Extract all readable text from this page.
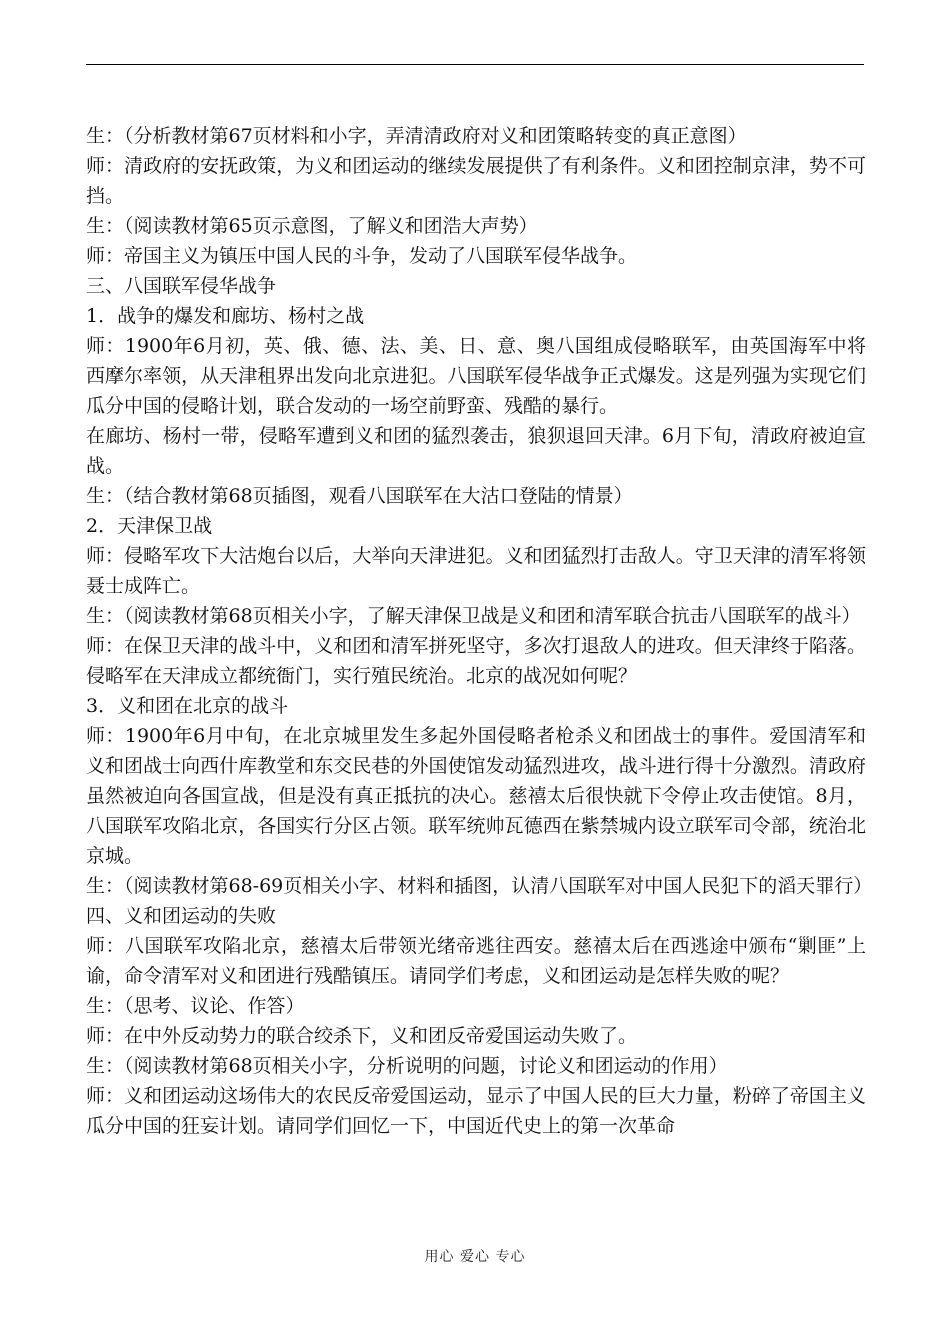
生：（分析教材第67页材料和小字，弄清清政府对义和团策略转变的真正意图）

师：清政府的安抚政策，为义和团运动的继续发展提供了有利条件。义和团控制京津，势不可挡。

生：（阅读教材第65页示意图，了解义和团浩大声势）

师：帝国主义为镇压中国人民的斗争，发动了八国联军侵华战争。

三、八国联军侵华战争

1．战争的爆发和廊坊、杨村之战

师：1900年6月初，英、俄、德、法、美、日、意、奥八国组成侵略联军，由英国海军中将西摩尔率领，从天津租界出发向北京进犯。八国联军侵华战争正式爆发。这是列强为实现它们瓜分中国的侵略计划，联合发动的一场空前野蛮、残酷的暴行。

在廊坊、杨村一带，侵略军遭到义和团的猛烈袭击，狼狈退回天津。6月下旬，清政府被迫宣战。

生：（结合教材第68页插图，观看八国联军在大沽口登陆的情景）

2．天津保卫战

师：侵略军攻下大沽炮台以后，大举向天津进犯。义和团猛烈打击敌人。守卫天津的清军将领聂士成阵亡。

生：（阅读教材第68页相关小字，了解天津保卫战是义和团和清军联合抗击八国联军的战斗）

师：在保卫天津的战斗中，义和团和清军拼死坚守，多次打退敌人的进攻。但天津终于陷落。侵略军在天津成立都统衙门，实行殖民统治。北京的战况如何呢？

3．义和团在北京的战斗

师：1900年6月中旬，在北京城里发生多起外国侵略者枪杀义和团战士的事件。爱国清军和义和团战士向西什库教堂和东交民巷的外国使馆发动猛烈进攻，战斗进行得十分激烈。清政府虽然被迫向各国宣战，但是没有真正抵抗的决心。慈禧太后很快就下令停止攻击使馆。8月，八国联军攻陷北京，各国实行分区占领。联军统帅瓦德西在紫禁城内设立联军司令部，统治北京城。

生：（阅读教材第68-69页相关小字、材料和插图，认清八国联军对中国人民犯下的滔天罪行）

四、义和团运动的失败

师：八国联军攻陷北京，慈禧太后带领光绪帝逃往西安。慈禧太后在西逃途中颁布“剿匪”上谕，命令清军对义和团进行残酷镇压。请同学们考虑，义和团运动是怎样失败的呢？

生：（思考、议论、作答）

师：在中外反动势力的联合绞杀下，义和团反帝爱国运动失败了。

生：（阅读教材第68页相关小字，分析说明的问题，讨论义和团运动的作用）

师：义和团运动这场伟大的农民反帝爱国运动，显示了中国人民的巨大力量，粉碎了帝国主义瓜分中国的狂妄计划。请同学们回忆一下，中国近代史上的第一次革命

用心 爱心 专心
